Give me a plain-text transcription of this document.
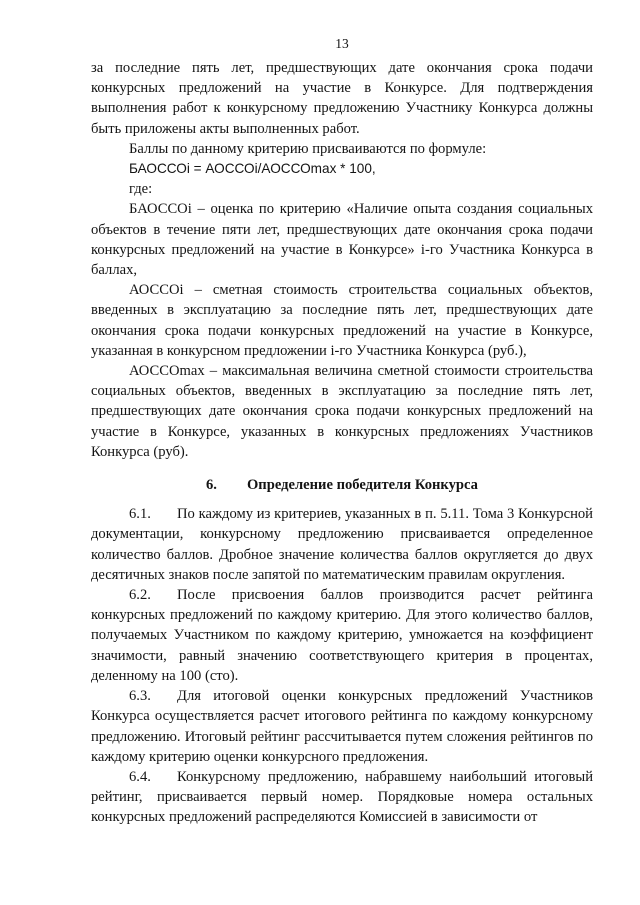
13

за последние пять лет, предшествующих дате окончания срока подачи конкурсных предложений на участие в Конкурсе. Для подтверждения выполнения работ к конкурсному предложению Участнику Конкурса должны быть приложены акты выполненных работ.

Баллы по данному критерию присваиваются по формуле:

БАОССОi = АОССОi/АОССОmax * 100,

где:

БАОССОi – оценка по критерию «Наличие опыта создания социальных объектов в течение пяти лет, предшествующих дате окончания срока подачи конкурсных предложений на участие в Конкурсе» i-го Участника Конкурса в баллах,

АОССОi – сметная стоимость строительства социальных объектов, введенных в эксплуатацию за последние пять лет, предшествующих дате окончания срока подачи конкурсных предложений на участие в Конкурсе, указанная в конкурсном предложении i-го Участника Конкурса (руб.),

АОССОmax – максимальная величина сметной стоимости строительства социальных объектов, введенных в эксплуатацию за последние пять лет, предшествующих дате окончания срока подачи конкурсных предложений на участие в Конкурсе, указанных в конкурсных предложениях Участников Конкурса (руб).

6. Определение победителя Конкурса

6.1. По каждому из критериев, указанных в п. 5.11. Тома 3 Конкурсной документации, конкурсному предложению присваивается определенное количество баллов. Дробное значение количества баллов округляется до двух десятичных знаков после запятой по математическим правилам округления.

6.2. После присвоения баллов производится расчет рейтинга конкурсных предложений по каждому критерию. Для этого количество баллов, получаемых Участником по каждому критерию, умножается на коэффициент значимости, равный значению соответствующего критерия в процентах, деленному на 100 (сто).

6.3. Для итоговой оценки конкурсных предложений Участников Конкурса осуществляется расчет итогового рейтинга по каждому конкурсному предложению. Итоговый рейтинг рассчитывается путем сложения рейтингов по каждому критерию оценки конкурсного предложения.

6.4. Конкурсному предложению, набравшему наибольший итоговый рейтинг, присваивается первый номер. Порядковые номера остальных конкурсных предложений распределяются Комиссией в зависимости от
